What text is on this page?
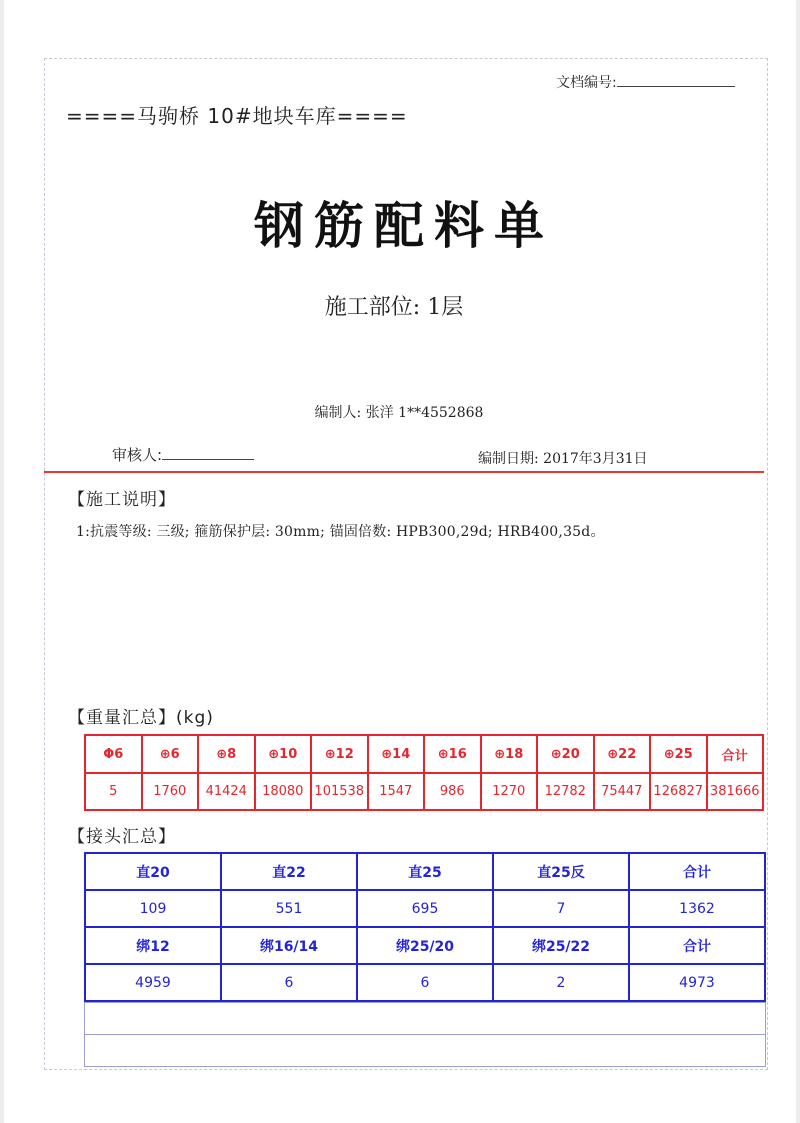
文档编号:
====马驹桥 10#地块车库====
钢筋配料单
施工部位: 1层
编制人: 张洋 1**4552868
审核人:	编制日期: 2017年3月31日
【施工说明】
1:抗震等级: 三级; 箍筋保护层: 30mm; 锚固倍数: HPB300,29d; HRB400,35d。
【重量汇总】(kg)
Φ6	⊕6	⊕8	⊕10	⊕12	⊕14	⊕16	⊕18	⊕20	⊕22	⊕25	合计
5	1760	41424	18080	101538	1547	986	1270	12782	75447	126827	381666
【接头汇总】
直20	直22	直25	直25反	合计
109	551	695	7	1362
绑12	绑16/14	绑25/20	绑25/22	合计
4959	6	6	2	4973
